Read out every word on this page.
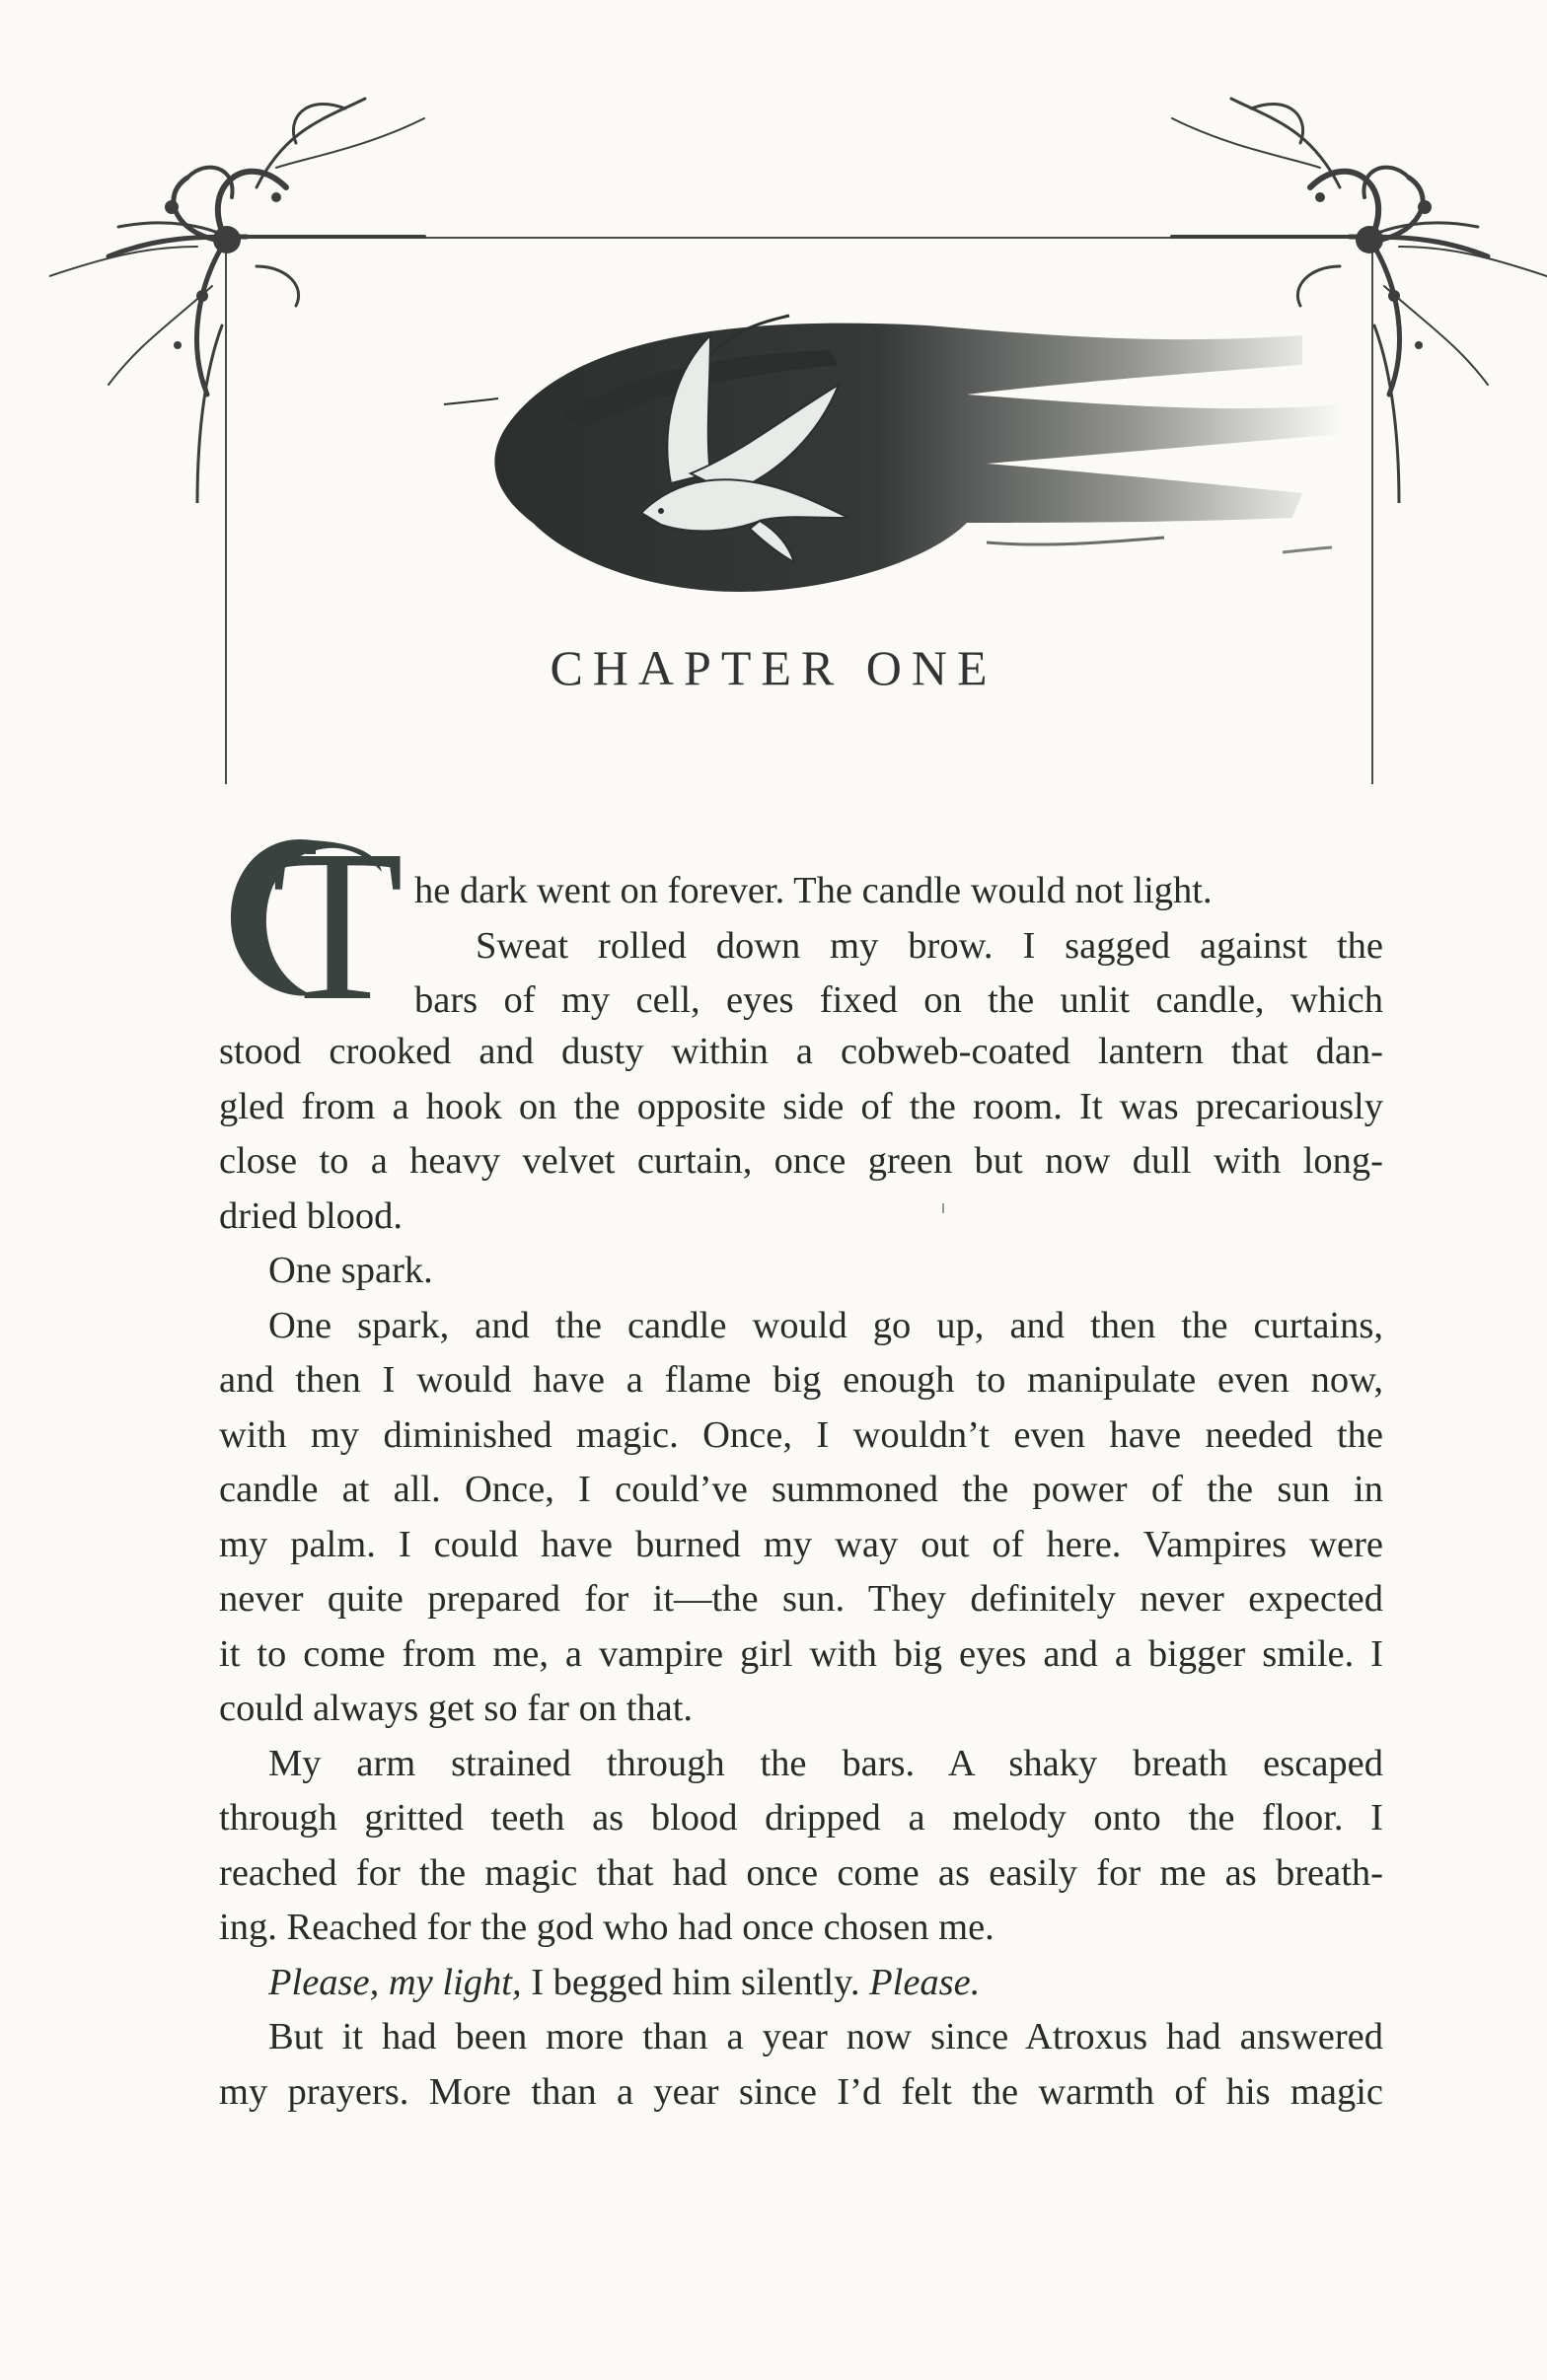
CHAPTER ONE
T he dark went on forever. The candle would not light.

Sweat rolled down my brow. I sagged against the

bars of my cell, eyes fixed on the unlit candle, which

stood crooked and dusty within a cobweb-coated lantern that dan-

gled from a hook on the opposite side of the room. It was precariously

close to a heavy velvet curtain, once green but now dull with long-

dried blood.

One spark.

One spark, and the candle would go up, and then the curtains,

and then I would have a flame big enough to manipulate even now,

with my diminished magic. Once, I wouldn’t even have needed the

candle at all. Once, I could’ve summoned the power of the sun in

my palm. I could have burned my way out of here. Vampires were

never quite prepared for it—the sun. They definitely never expected

it to come from me, a vampire girl with big eyes and a bigger smile. I

could always get so far on that.

My arm strained through the bars. A shaky breath escaped

through gritted teeth as blood dripped a melody onto the floor. I

reached for the magic that had once come as easily for me as breath-

ing. Reached for the god who had once chosen me.

Please, my light, I begged him silently. Please.

But it had been more than a year now since Atroxus had answered

my prayers. More than a year since I’d felt the warmth of his magic
